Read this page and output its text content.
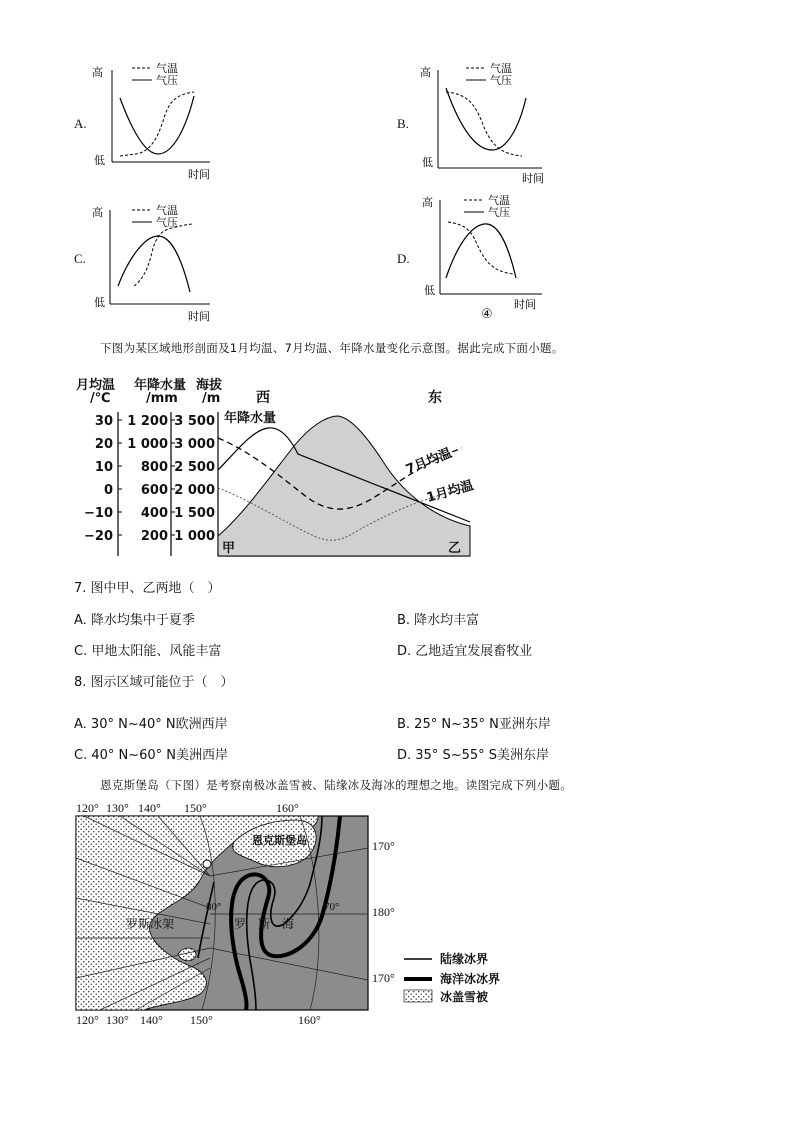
A.
高
低
时间
气温
气压
B.
高
低
时间
气温
气压
C.
高
低
时间
气温
气压
D.
高
低
时间
气温
气压
④
下图为某区域地形剖面及1月均温、7月均温、年降水量变化示意图。据此完成下面小题。
月均温 年降水量 海拔
/℃	/mm /m	西	东
30
20
10
0
−10
−20
1 200
1 000
800
600
400
200
3 500
3 000
2 500
2 000
1 500
1 000
年降水量
7月均温
1月均温
甲	乙
7. 图中甲、乙两地（　）
A. 降水均集中于夏季	B. 降水均丰富
C. 甲地太阳能、风能丰富	D. 乙地适宜发展畜牧业
8. 图示区域可能位于（　）
A. 30° N~40° N欧洲西岸	B. 25° N~35° N亚洲东岸
C. 40° N~60° N美洲西岸	D. 35° S~55° S美洲东岸
恩克斯堡岛（下图）是考察南极冰盖雪被、陆缘冰及海冰的理想之地。读图完成下列小题。
120° 130° 140° 150°	160°
120° 130° 140° 150°	160°
170°
180°
170°
恩克斯堡岛
罗斯冰架	罗　斯　海
80°	70°
陆缘冰界
海洋冰冰界
冰盖雪被
